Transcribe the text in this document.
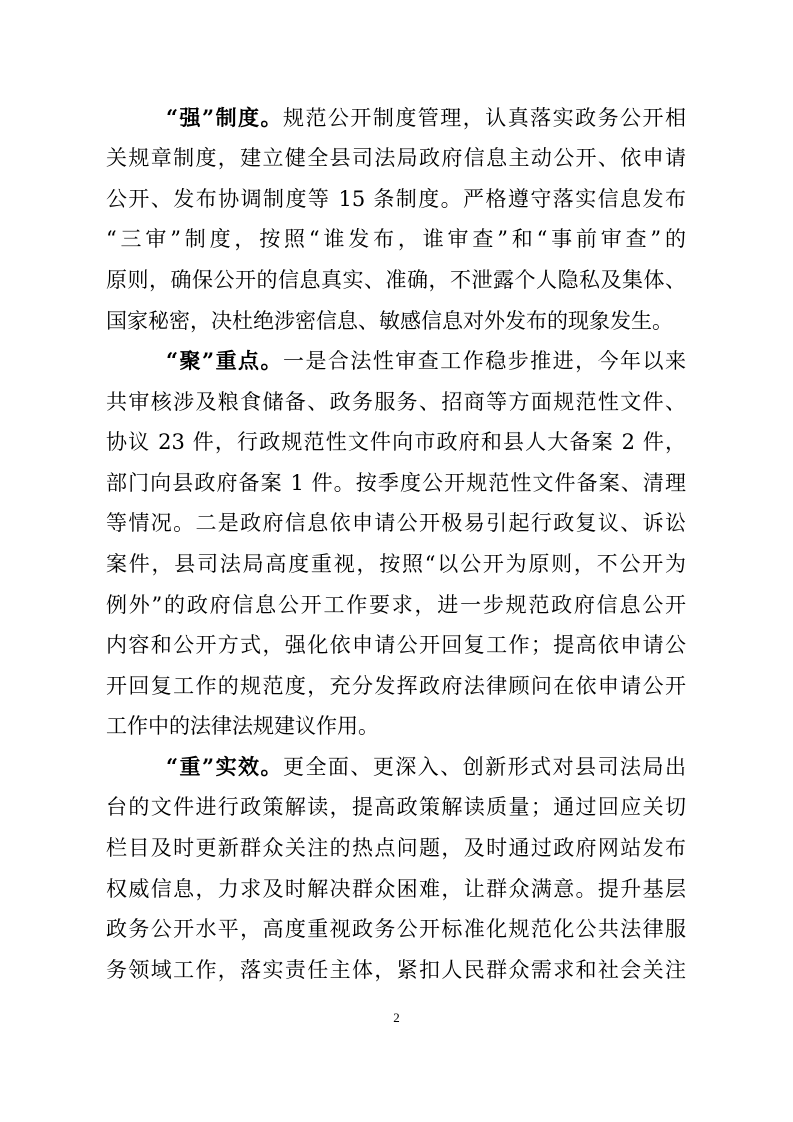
“强”制度。规范公开制度管理，认真落实政务公开相
关规章制度，建立健全县司法局政府信息主动公开、依申请
公开、发布协调制度等 15 条制度。严格遵守落实信息发布
“三审”制度，按照“谁发布，谁审查”和“事前审查”的
原则，确保公开的信息真实、准确，不泄露个人隐私及集体、
国家秘密，决杜绝涉密信息、敏感信息对外发布的现象发生。
“聚”重点。一是合法性审查工作稳步推进，今年以来
共审核涉及粮食储备、政务服务、招商等方面规范性文件、
协议 23 件，行政规范性文件向市政府和县人大备案 2 件，
部门向县政府备案 1 件。按季度公开规范性文件备案、清理
等情况。二是政府信息依申请公开极易引起行政复议、诉讼
案件，县司法局高度重视，按照“以公开为原则，不公开为
例外”的政府信息公开工作要求，进一步规范政府信息公开
内容和公开方式，强化依申请公开回复工作；提高依申请公
开回复工作的规范度，充分发挥政府法律顾问在依申请公开
工作中的法律法规建议作用。
“重”实效。更全面、更深入、创新形式对县司法局出
台的文件进行政策解读，提高政策解读质量；通过回应关切
栏目及时更新群众关注的热点问题，及时通过政府网站发布
权威信息，力求及时解决群众困难，让群众满意。提升基层
政务公开水平，高度重视政务公开标准化规范化公共法律服
务领域工作，落实责任主体，紧扣人民群众需求和社会关注
2
